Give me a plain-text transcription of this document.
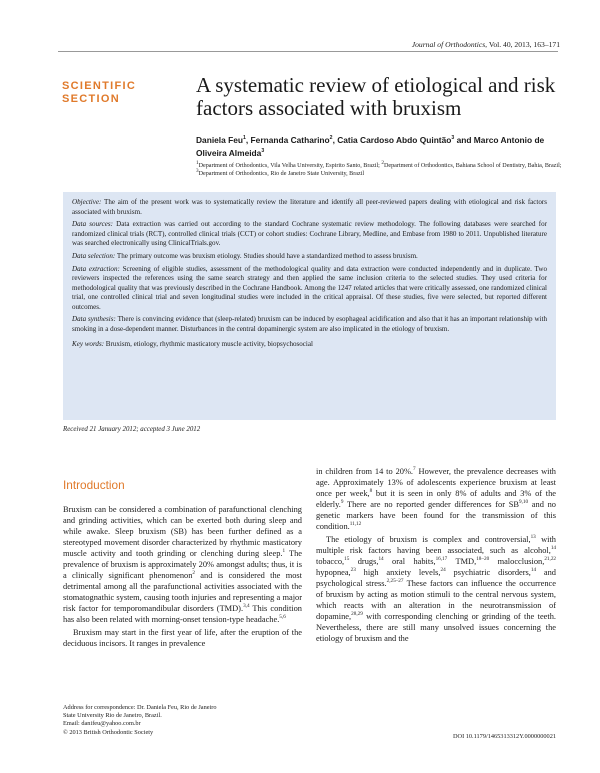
Journal of Orthodontics, Vol. 40, 2013, 163–171
SCIENTIFIC SECTION
A systematic review of etiological and risk factors associated with bruxism
Daniela Feu$^1$, Fernanda Catharino$^2$, Catia Cardoso Abdo Quintão$^3$ and Marco Antonio de Oliveira Almeida$^3$
$^1$Department of Orthodontics, Vila Velha University, Espirito Santo, Brazil; $^2$Department of Orthodontics, Bahiana School of Dentistry, Bahia, Brazil; $^3$Department of Orthodontics, Rio de Janeiro State University, Brazil

Objective: The aim of the present work was to systematically review the literature and identify all peer-reviewed papers dealing with etiological and risk factors associated with bruxism.

Data sources: Data extraction was carried out according to the standard Cochrane systematic review methodology. The following databases were searched for randomized clinical trials (RCT), controlled clinical trials (CCT) or cohort studies: Cochrane Library, Medline, and Embase from 1980 to 2011. Unpublished literature was searched electronically using ClinicalTrials.gov.

Data selection: The primary outcome was bruxism etiology. Studies should have a standardized method to assess bruxism.

Data extraction: Screening of eligible studies, assessment of the methodological quality and data extraction were conducted independently and in duplicate. Two reviewers inspected the references using the same search strategy and then applied the same inclusion criteria to the selected studies. They used criteria for methodological quality that was previously described in the Cochrane Handbook. Among the 1247 related articles that were critically assessed, one randomized clinical trial, one controlled clinical trial and seven longitudinal studies were included in the critical appraisal. Of these studies, five were selected, but reported different outcomes.

Data synthesis: There is convincing evidence that (sleep-related) bruxism can be induced by esophageal acidification and also that it has an important relationship with smoking in a dose-dependent manner. Disturbances in the central dopaminergic system are also implicated in the etiology of bruxism.

Key words: Bruxism, etiology, rhythmic masticatory muscle activity, biopsychosocial

Received 21 January 2012; accepted 3 June 2012
Introduction

Bruxism can be considered a combination of parafunctional clenching and grinding activities, which can be exerted both during sleep and while awake. Sleep bruxism (SB) has been further defined as a stereotyped movement disorder characterized by rhythmic masticatory muscle activity and tooth grinding or clenching during sleep.$^1$ The prevalence of bruxism is approximately 20% amongst adults; thus, it is a clinically significant phenomenon$^2$ and is considered the most detrimental among all the parafunctional activities associated with the stomatognathic system, causing tooth injuries and representing a major risk factor for temporomandibular disorders (TMD).$^{3,4}$ This condition has also been related with morning-onset tension-type headache.$^{5,6}$

Bruxism may start in the first year of life, after the eruption of the deciduous incisors. It ranges in prevalence

in children from 14 to 20%.$^7$ However, the prevalence decreases with age. Approximately 13% of adolescents experience bruxism at least once per week,$^8$ but it is seen in only 8% of adults and 3% of the elderly.$^9$ There are no reported gender differences for SB$^{9,10}$ and no genetic markers have been found for the transmission of this condition.$^{11,12}$

The etiology of bruxism is complex and controversial,$^{13}$ with multiple risk factors having been associated, such as alcohol,$^{14}$ tobacco,$^{15}$ drugs,$^{14}$ oral habits,$^{16,17}$ TMD,$^{18-20}$ malocclusion,$^{21,22}$ hypopnea,$^{23}$ high anxiety levels,$^{24}$ psychiatric disorders,$^{14}$ and psychological stress.$^{2,25-27}$ These factors can influence the occurrence of bruxism by acting as motion stimuli to the central nervous system, which reacts with an alteration in the neurotransmission of dopamine,$^{28,29}$ with corresponding clenching or grinding of the teeth. Nevertheless, there are still many unsolved issues concerning the etiology of bruxism and the

Address for correspondence: Dr. Daniela Feu, Rio de Janeiro
State University Rio de Janeiro, Brazil.
Email: danifeu@yahoo.com.br
© 2013 British Orthodontic Society
DOI 10.1179/1465313312Y.0000000021
